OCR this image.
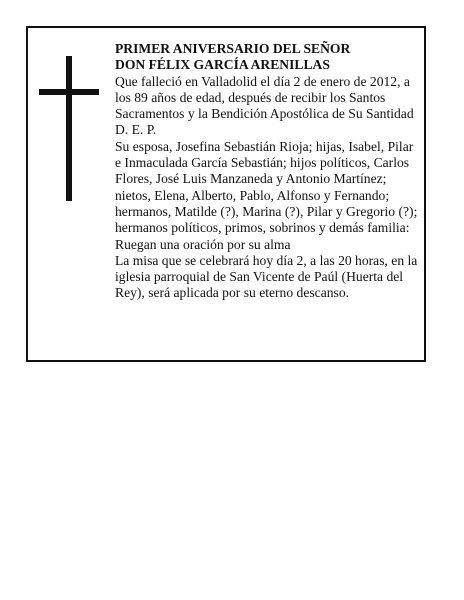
PRIMER ANIVERSARIO DEL SEÑOR

DON FÉLIX GARCÍA ARENILLAS

Que falleció en Valladolid el día 2 de enero de 2012, a los 89 años de edad, después de recibir los Santos Sacramentos y la Bendición Apostólica de Su Santidad D. E. P.

Su esposa, Josefina Sebastián Rioja; hijas, Isabel, Pilar e Inmaculada García Sebastián; hijos políticos, Carlos Flores, José Luis Manzaneda y Antonio Martínez; nietos, Elena, Alberto, Pablo, Alfonso y Fernando; hermanos, Matilde (?), Marina (?), Pilar y Gregorio (?); hermanos políticos, primos, sobrinos y demás familia:

Ruegan una oración por su alma

La misa que se celebrará hoy día 2, a las 20 horas, en la iglesia parroquial de San Vicente de Paúl (Huerta del Rey), será aplicada por su eterno descanso.
